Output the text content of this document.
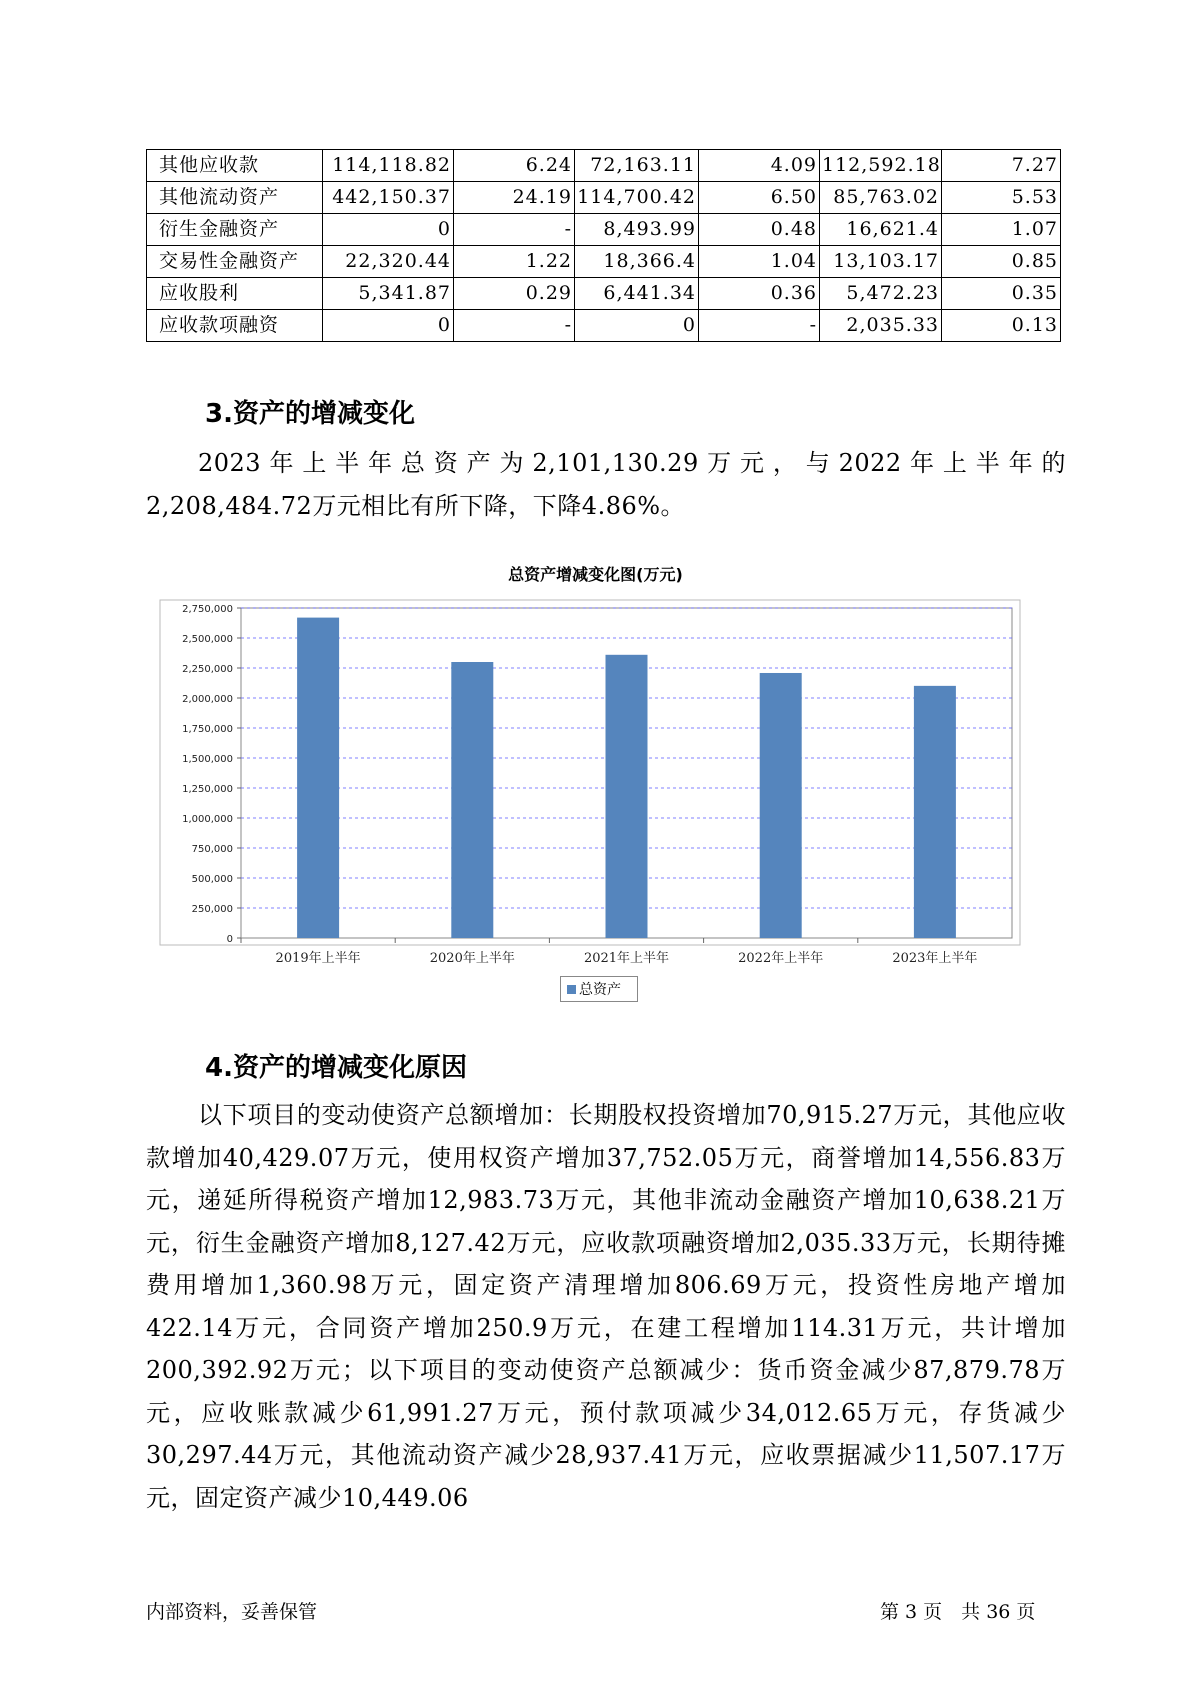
其他应收款	114,118.82	6.24	72,163.11	4.09	112,592.18	7.27
其他流动资产	442,150.37	24.19	114,700.42	6.50	85,763.02	5.53
衍生金融资产	0	-	8,493.99	0.48	16,621.4	1.07
交易性金融资产	22,320.44	1.22	18,366.4	1.04	13,103.17	0.85
应收股利	5,341.87	0.29	6,441.34	0.36	5,472.23	0.35
应收款项融资	0	-	0	-	2,035.33	0.13
3.资产的增减变化

2023年上半年总资产为2,101,130.29万元，与2022年上半年的2,208,484.72万元相比有所下降，下降4.86%。

总资产增减变化图(万元)
0
250,000
500,000
750,000
1,000,000
1,250,000
1,500,000
1,750,000
2,000,000
2,250,000
2,500,000
2,750,000
2019年上半年	2020年上半年	2021年上半年	2022年上半年	2023年上半年
总资产
4.资产的增减变化原因

以下项目的变动使资产总额增加：长期股权投资增加70,915.27万元，其他应收款增加40,429.07万元，使用权资产增加37,752.05万元，商誉增加14,556.83万元，递延所得税资产增加12,983.73万元，其他非流动金融资产增加10,638.21万元，衍生金融资产增加8,127.42万元，应收款项融资增加2,035.33万元，长期待摊费用增加1,360.98万元，固定资产清理增加806.69万元，投资性房地产增加422.14万元，合同资产增加250.9万元，在建工程增加114.31万元，共计增加200,392.92万元；以下项目的变动使资产总额减少：货币资金减少87,879.78万元，应收账款减少61,991.27万元，预付款项减少34,012.65万元，存货减少30,297.44万元，其他流动资产减少28,937.41万元，应收票据减少11,507.17万元，固定资产减少10,449.06

内部资料，妥善保管	第 3 页　共 36 页
